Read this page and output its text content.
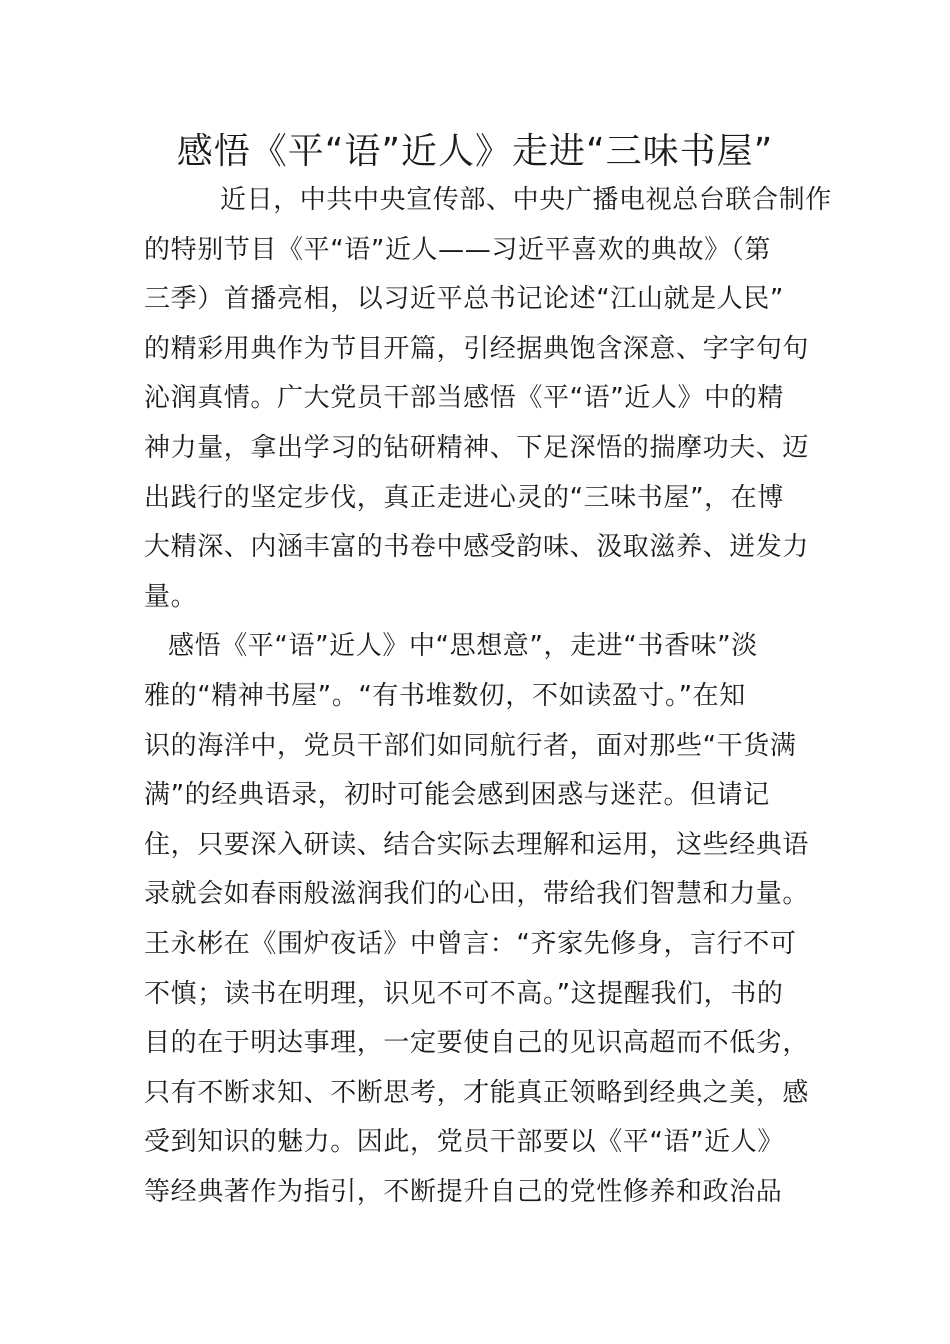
感悟《平“语”近人》走进“三味书屋”
近日，中共中央宣传部、中央广播电视总台联合制作
的特别节目《平“语”近人——习近平喜欢的典故》（第
三季）首播亮相，以习近平总书记论述“江山就是人民”
的精彩用典作为节目开篇，引经据典饱含深意、字字句句
沁润真情。广大党员干部当感悟《平“语”近人》中的精
神力量，拿出学习的钻研精神、下足深悟的揣摩功夫、迈
出践行的坚定步伐，真正走进心灵的“三味书屋”，在博
大精深、内涵丰富的书卷中感受韵味、汲取滋养、迸发力
量。
感悟《平“语”近人》中“思想意”，走进“书香味”淡
雅的“精神书屋”。“有书堆数仞，不如读盈寸。”在知
识的海洋中，党员干部们如同航行者，面对那些“干货满
满”的经典语录，初时可能会感到困惑与迷茫。但请记
住，只要深入研读、结合实际去理解和运用，这些经典语
录就会如春雨般滋润我们的心田，带给我们智慧和力量。
王永彬在《围炉夜话》中曾言：“齐家先修身，言行不可
不慎；读书在明理，识见不可不高。”这提醒我们，书的
目的在于明达事理，一定要使自己的见识高超而不低劣，
只有不断求知、不断思考，才能真正领略到经典之美，感
受到知识的魅力。因此，党员干部要以《平“语”近人》
等经典著作为指引，不断提升自己的党性修养和政治品
